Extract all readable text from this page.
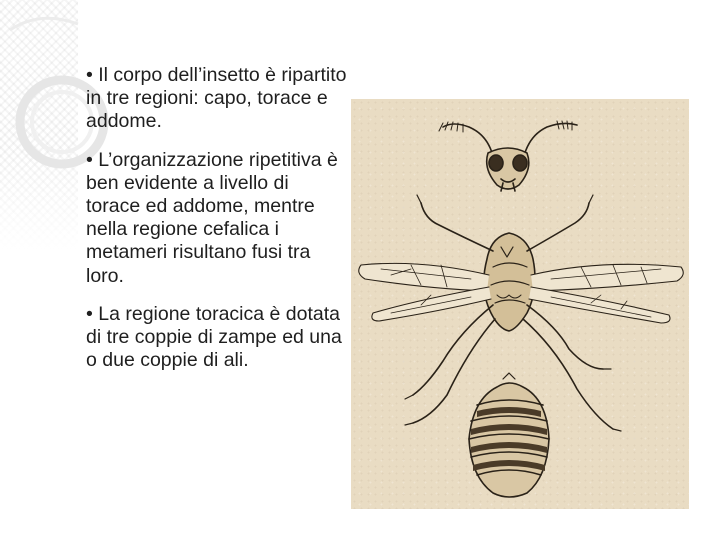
• Il corpo dell’insetto è ripartito in tre regioni: capo, torace e addome.

• L’organizzazione ripetitiva è ben evidente a livello di torace ed addome, mentre nella regione cefalica i metameri risultano fusi tra loro.

• La regione toracica è dotata di tre coppie di zampe ed una o due coppie di ali.
